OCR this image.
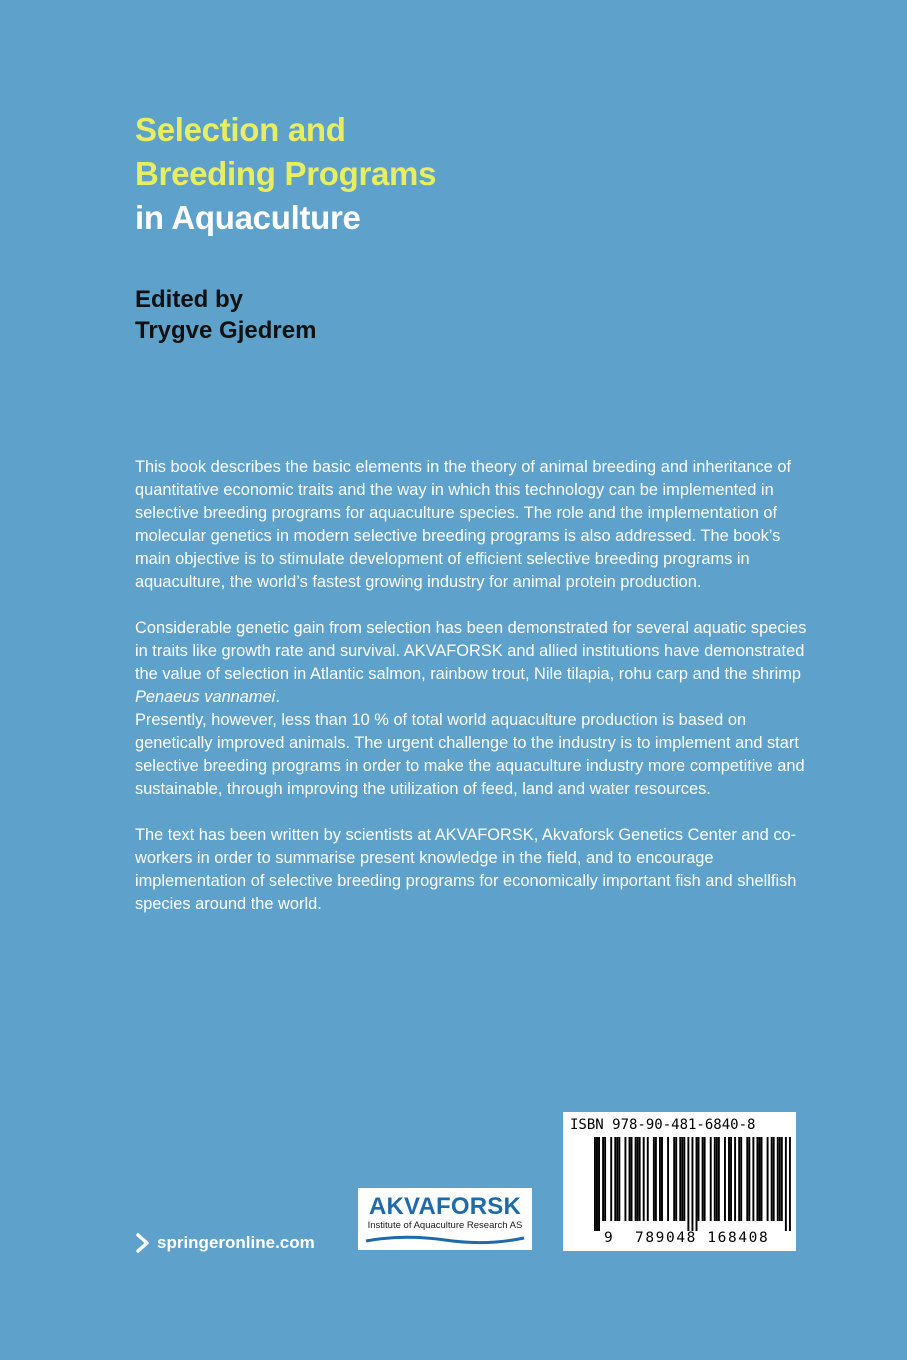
Selection and
Breeding Programs
in Aquaculture
Edited by
Trygve Gjedrem

This book describes the basic elements in the theory of animal breeding and inheritance of quantitative economic traits and the way in which this technology can be implemented in selective breeding programs for aquaculture species. The role and the implementation of molecular genetics in modern selective breeding programs is also addressed. The book’s main objective is to stimulate development of efficient selective breeding programs in aquaculture, the world’s fastest growing industry for animal protein production.

Considerable genetic gain from selection has been demonstrated for several aquatic species in traits like growth rate and survival. AKVAFORSK and allied institutions have demonstrated the value of selection in Atlantic salmon, rainbow trout, Nile tilapia, rohu carp and the shrimp Penaeus vannamei.

Presently, however, less than 10 % of total world aquaculture production is based on genetically improved animals. The urgent challenge to the industry is to implement and start selective breeding programs in order to make the aquaculture industry more competitive and sustainable, through improving the utilization of feed, land and water resources.

The text has been written by scientists at AKVAFORSK, Akvaforsk Genetics Center and co-workers in order to summarise present knowledge in the field, and to encourage implementation of selective breeding programs for economically important fish and shellfish species around the world.

springeronline.com
AKVAFORSK
Institute of Aquaculture Research AS
ISBN 978-90-481-6840-8
9 789048 168408
